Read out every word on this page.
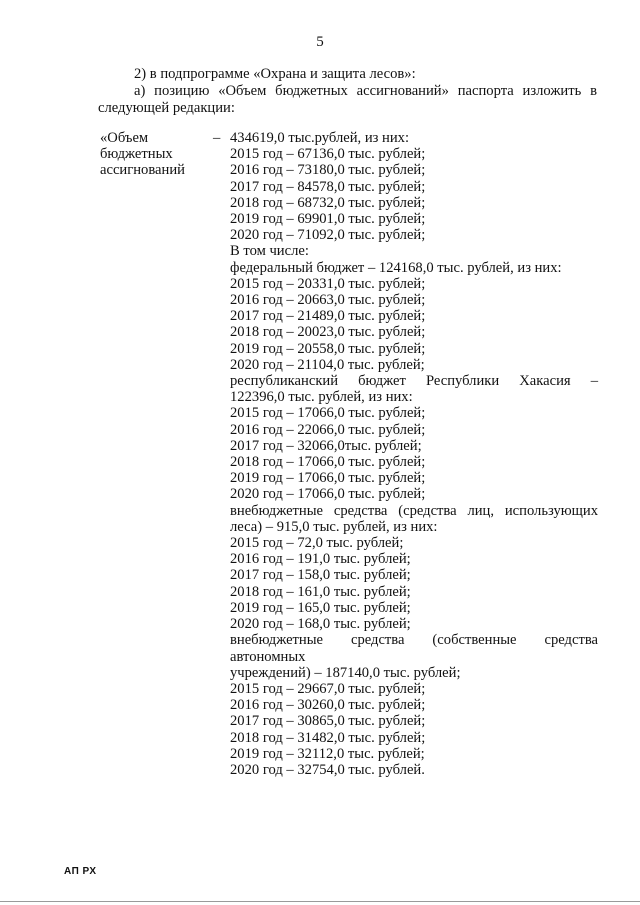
5
2) в подпрограмме «Охрана и защита лесов»:
а) позицию «Объем бюджетных ассигнований» паспорта изложить в
следующей редакции:
«Объем
бюджетных
ассигнований
– 434619,0 тыс.рублей, из них:
2015 год – 67136,0 тыс. рублей;
2016 год – 73180,0 тыс. рублей;
2017 год – 84578,0 тыс. рублей;
2018 год – 68732,0 тыс. рублей;
2019 год – 69901,0 тыс. рублей;
2020 год – 71092,0 тыс. рублей;
В том числе:
федеральный бюджет – 124168,0 тыс. рублей, из них:
2015 год – 20331,0 тыс. рублей;
2016 год – 20663,0 тыс. рублей;
2017 год – 21489,0 тыс. рублей;
2018 год – 20023,0 тыс. рублей;
2019 год – 20558,0 тыс. рублей;
2020 год – 21104,0 тыс. рублей;
республиканский бюджет Республики Хакасия –
122396,0 тыс. рублей, из них:
2015 год – 17066,0 тыс. рублей;
2016 год – 22066,0 тыс. рублей;
2017 год – 32066,0тыс. рублей;
2018 год – 17066,0 тыс. рублей;
2019 год – 17066,0 тыс. рублей;
2020 год – 17066,0 тыс. рублей;
внебюджетные средства (средства лиц, использующих
леса) – 915,0 тыс. рублей, из них:
2015 год – 72,0 тыс. рублей;
2016 год – 191,0 тыс. рублей;
2017 год – 158,0 тыс. рублей;
2018 год – 161,0 тыс. рублей;
2019 год – 165,0 тыс. рублей;
2020 год – 168,0 тыс. рублей;
внебюджетные средства (собственные средства автономных
учреждений) – 187140,0 тыс. рублей;
2015 год – 29667,0 тыс. рублей;
2016 год – 30260,0 тыс. рублей;
2017 год – 30865,0 тыс. рублей;
2018 год – 31482,0 тыс. рублей;
2019 год – 32112,0 тыс. рублей;
2020 год – 32754,0 тыс. рублей.
АП РХ
